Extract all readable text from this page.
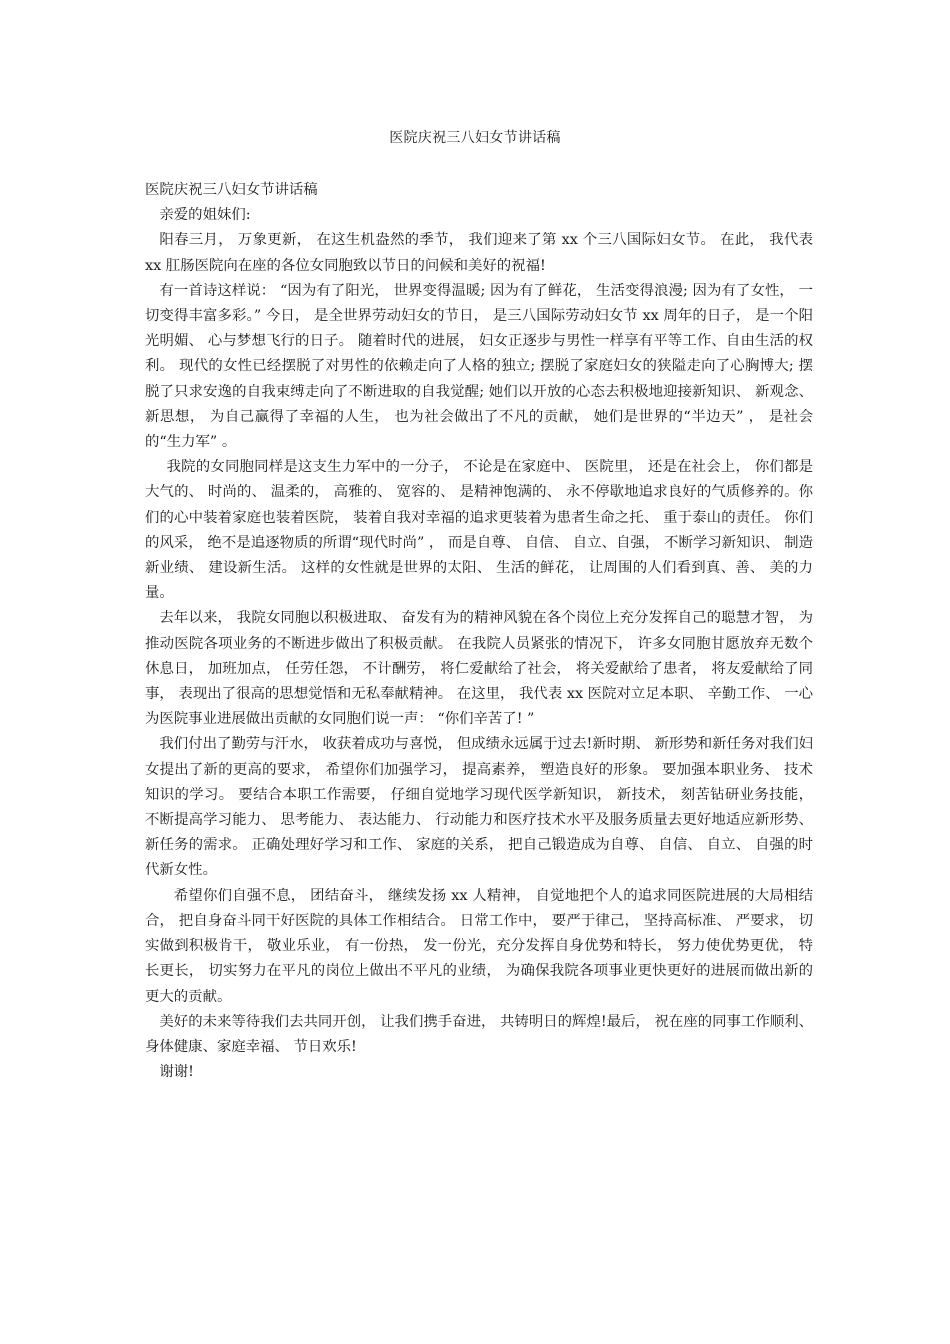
医院庆祝三八妇女节讲话稿

医院庆祝三八妇女节讲话稿

亲爱的姐妹们:

阳春三月， 万象更新， 在这生机盎然的季节， 我们迎来了第 xx 个三八国际妇女节。 在此， 我代表 xx 肛肠医院向在座的各位女同胞致以节日的问候和美好的祝福!

有一首诗这样说： “因为有了阳光， 世界变得温暖; 因为有了鲜花， 生活变得浪漫; 因为有了女性， 一切变得丰富多彩。” 今日， 是全世界劳动妇女的节日， 是三八国际劳动妇女节 xx 周年的日子， 是一个阳光明媚、 心与梦想飞行的日子。 随着时代的进展， 妇女正逐步与男性一样享有平等工作、自由生活的权利。 现代的女性已经摆脱了对男性的依赖走向了人格的独立; 摆脱了家庭妇女的狭隘走向了心胸博大; 摆脱了只求安逸的自我束缚走向了不断进取的自我觉醒; 她们以开放的心态去积极地迎接新知识、 新观念、 新思想， 为自己赢得了幸福的人生， 也为社会做出了不凡的贡献， 她们是世界的“半边天” ， 是社会的“生力军” 。

我院的女同胞同样是这支生力军中的一分子， 不论是在家庭中、 医院里， 还是在社会上， 你们都是大气的、 时尚的、 温柔的， 高雅的、 宽容的、 是精神饱满的、 永不停歇地追求良好的气质修养的。你们的心中装着家庭也装着医院， 装着自我对幸福的追求更装着为患者生命之托、 重于泰山的责任。 你们的风采， 绝不是追逐物质的所谓“现代时尚” ， 而是自尊、 自信、 自立、自强， 不断学习新知识、 制造新业绩、 建设新生活。 这样的女性就是世界的太阳、 生活的鲜花， 让周围的人们看到真、善、 美的力量。

去年以来， 我院女同胞以积极进取、 奋发有为的精神风貌在各个岗位上充分发挥自己的聪慧才智， 为推动医院各项业务的不断进步做出了积极贡献。 在我院人员紧张的情况下， 许多女同胞甘愿放弃无数个休息日， 加班加点， 任劳任怨， 不计酬劳， 将仁爱献给了社会， 将关爱献给了患者， 将友爱献给了同事， 表现出了很高的思想觉悟和无私奉献精神。 在这里， 我代表 xx 医院对立足本职、 辛勤工作、 一心为医院事业进展做出贡献的女同胞们说一声： “你们辛苦了! ”

我们付出了勤劳与汗水， 收获着成功与喜悦， 但成绩永远属于过去!新时期、 新形势和新任务对我们妇女提出了新的更高的要求， 希望你们加强学习， 提高素养， 塑造良好的形象。 要加强本职业务、 技术知识的学习。 要结合本职工作需要， 仔细自觉地学习现代医学新知识， 新技术， 刻苦钻研业务技能， 不断提高学习能力、 思考能力、 表达能力、 行动能力和医疗技术水平及服务质量去更好地适应新形势、 新任务的需求。 正确处理好学习和工作、 家庭的关系， 把自己锻造成为自尊、 自信、 自立、 自强的时代新女性。

希望你们自强不息， 团结奋斗， 继续发扬 xx 人精神， 自觉地把个人的追求同医院进展的大局相结合， 把自身奋斗同干好医院的具体工作相结合。 日常工作中， 要严于律己， 坚持高标准、 严要求， 切实做到积极肯干， 敬业乐业， 有一份热， 发一份光，充分发挥自身优势和特长， 努力使优势更优， 特长更长， 切实努力在平凡的岗位上做出不平凡的业绩， 为确保我院各项事业更快更好的进展而做出新的更大的贡献。

美好的未来等待我们去共同开创， 让我们携手奋进， 共铸明日的辉煌!最后， 祝在座的同事工作顺利、 身体健康、家庭幸福、 节日欢乐!

谢谢!
